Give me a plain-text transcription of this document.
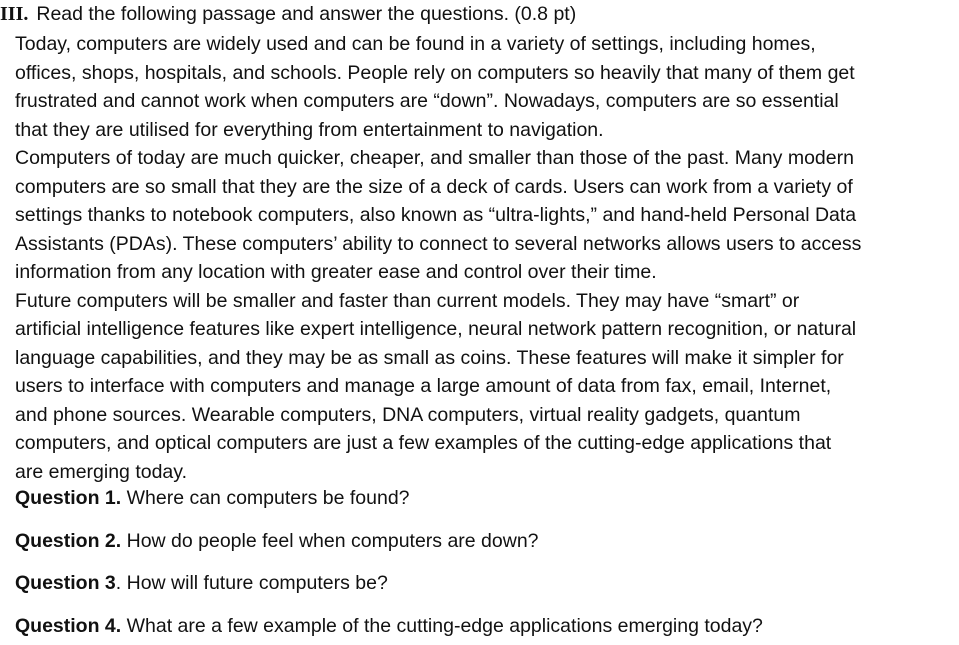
III. Read the following passage and answer the questions. (0.8 pt)
Today, computers are widely used and can be found in a variety of settings, including homes,
offices, shops, hospitals, and schools. People rely on computers so heavily that many of them get
frustrated and cannot work when computers are “down”. Nowadays, computers are so essential
that they are utilised for everything from entertainment to navigation.
Computers of today are much quicker, cheaper, and smaller than those of the past. Many modern
computers are so small that they are the size of a deck of cards. Users can work from a variety of
settings thanks to notebook computers, also known as “ultra-lights,” and hand-held Personal Data
Assistants (PDAs). These computers’ ability to connect to several networks allows users to access
information from any location with greater ease and control over their time.
Future computers will be smaller and faster than current models. They may have “smart” or
artificial intelligence features like expert intelligence, neural network pattern recognition, or natural
language capabilities, and they may be as small as coins. These features will make it simpler for
users to interface with computers and manage a large amount of data from fax, email, Internet,
and phone sources. Wearable computers, DNA computers, virtual reality gadgets, quantum
computers, and optical computers are just a few examples of the cutting-edge applications that
are emerging today.
Question 1. Where can computers be found?
Question 2. How do people feel when computers are down?
Question 3. How will future computers be?
Question 4. What are a few example of the cutting-edge applications emerging today?
